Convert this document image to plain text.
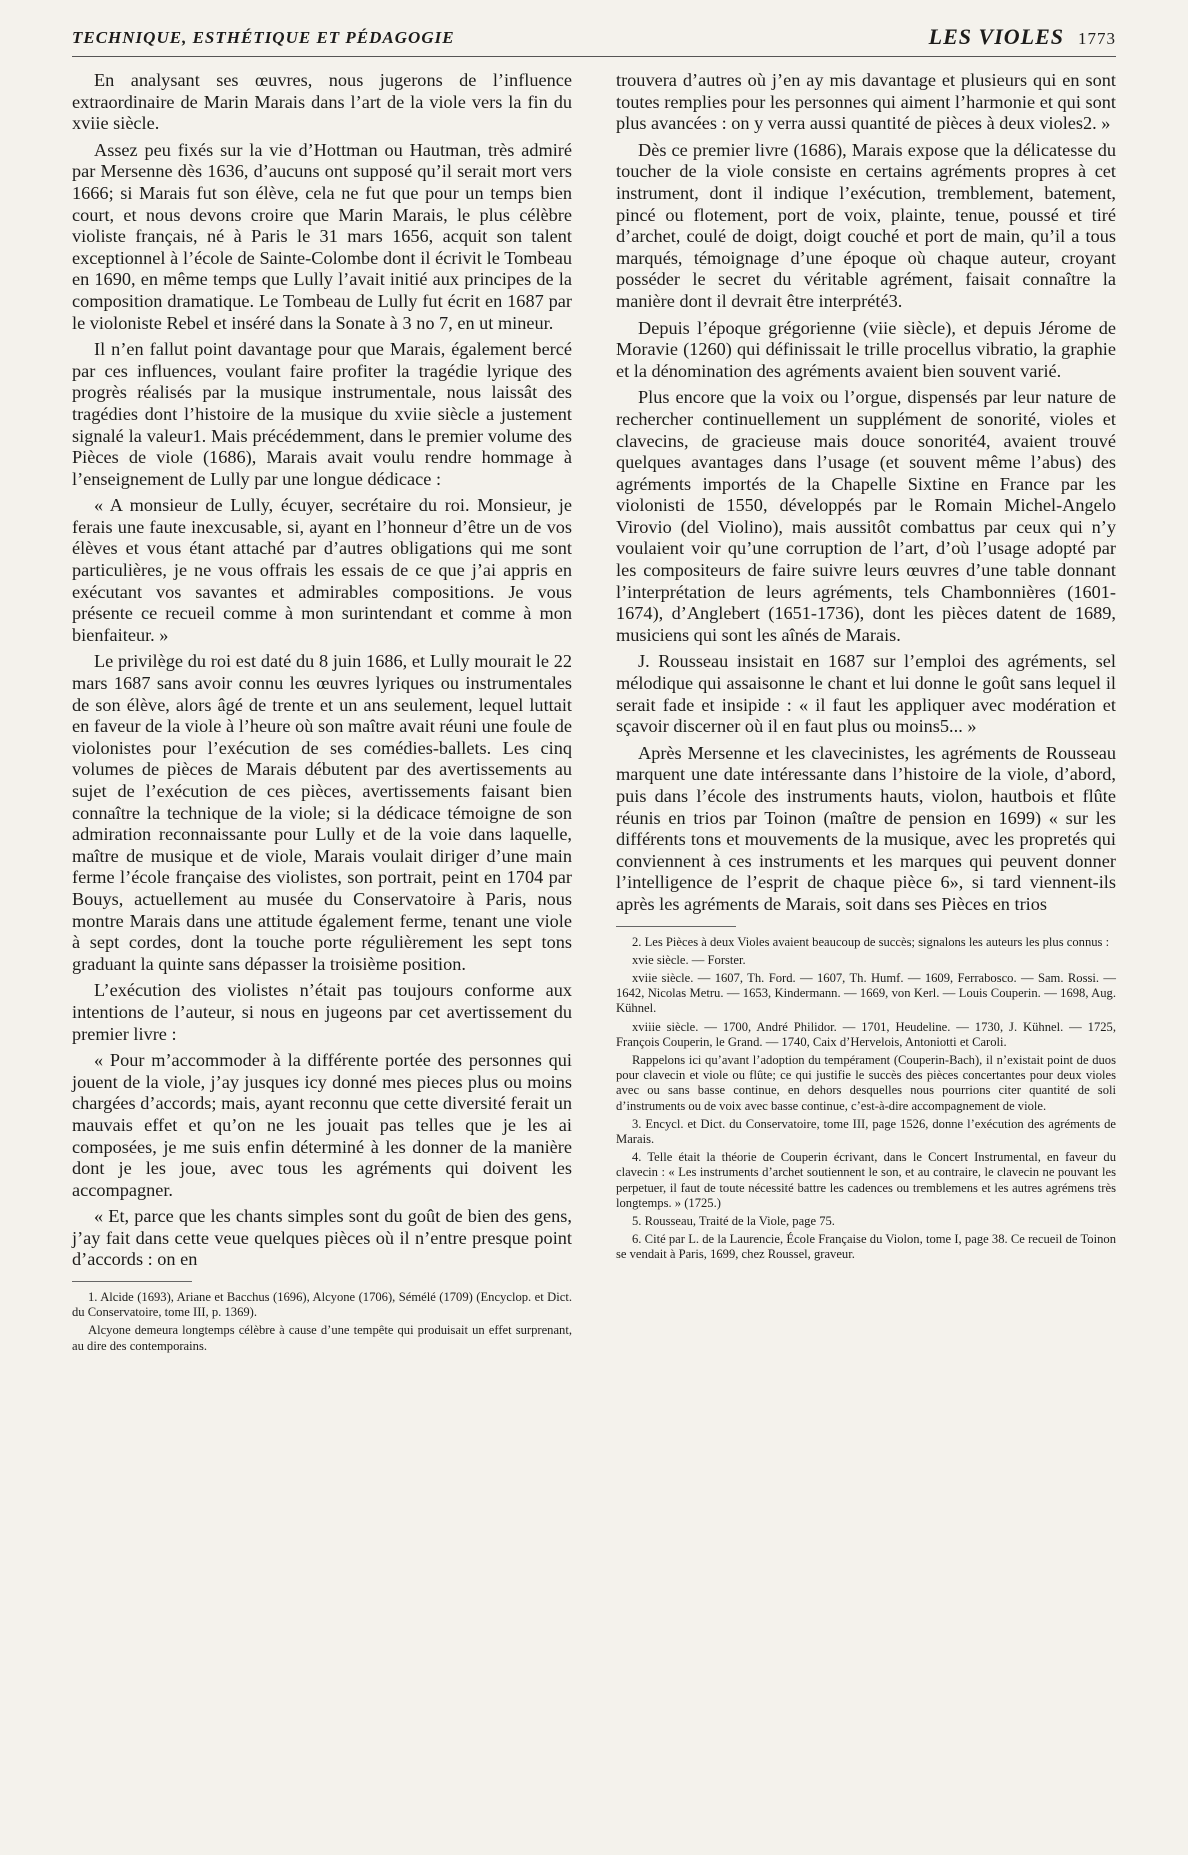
TECHNIQUE, ESTHÉTIQUE ET PÉDAGOGIE	LES VIOLES 1773

En analysant ses œuvres, nous jugerons de l’influence extraordinaire de Marin Marais dans l’art de la viole vers la fin du xviie siècle.

Assez peu fixés sur la vie d’Hottman ou Hautman, très admiré par Mersenne dès 1636, d’aucuns ont supposé qu’il serait mort vers 1666; si Marais fut son élève, cela ne fut que pour un temps bien court, et nous devons croire que Marin Marais, le plus célèbre violiste français, né à Paris le 31 mars 1656, acquit son talent exceptionnel à l’école de Sainte-Colombe dont il écrivit le Tombeau en 1690, en même temps que Lully l’avait initié aux principes de la composition dramatique. Le Tombeau de Lully fut écrit en 1687 par le violoniste Rebel et inséré dans la Sonate à 3 no 7, en ut mineur.

Il n’en fallut point davantage pour que Marais, également bercé par ces influences, voulant faire profiter la tragédie lyrique des progrès réalisés par la musique instrumentale, nous laissât des tragédies dont l’histoire de la musique du xviie siècle a justement signalé la valeur1. Mais précédemment, dans le premier volume des Pièces de viole (1686), Marais avait voulu rendre hommage à l’enseignement de Lully par une longue dédicace :

« A monsieur de Lully, écuyer, secrétaire du roi. Monsieur, je ferais une faute inexcusable, si, ayant en l’honneur d’être un de vos élèves et vous étant attaché par d’autres obligations qui me sont particulières, je ne vous offrais les essais de ce que j’ai appris en exécutant vos savantes et admirables compositions. Je vous présente ce recueil comme à mon surintendant et comme à mon bienfaiteur. »

Le privilège du roi est daté du 8 juin 1686, et Lully mourait le 22 mars 1687 sans avoir connu les œuvres lyriques ou instrumentales de son élève, alors âgé de trente et un ans seulement, lequel luttait en faveur de la viole à l’heure où son maître avait réuni une foule de violonistes pour l’exécution de ses comédies-ballets. Les cinq volumes de pièces de Marais débutent par des avertissements au sujet de l’exécution de ces pièces, avertissements faisant bien connaître la technique de la viole; si la dédicace témoigne de son admiration reconnaissante pour Lully et de la voie dans laquelle, maître de musique et de viole, Marais voulait diriger d’une main ferme l’école française des violistes, son portrait, peint en 1704 par Bouys, actuellement au musée du Conservatoire à Paris, nous montre Marais dans une attitude également ferme, tenant une viole à sept cordes, dont la touche porte régulièrement les sept tons graduant la quinte sans dépasser la troisième position.

L’exécution des violistes n’était pas toujours conforme aux intentions de l’auteur, si nous en jugeons par cet avertissement du premier livre :

« Pour m’accommoder à la différente portée des personnes qui jouent de la viole, j’ay jusques icy donné mes pieces plus ou moins chargées d’accords; mais, ayant reconnu que cette diversité ferait un mauvais effet et qu’on ne les jouait pas telles que je les ai composées, je me suis enfin déterminé à les donner de la manière dont je les joue, avec tous les agréments qui doivent les accompagner.

« Et, parce que les chants simples sont du goût de bien des gens, j’ay fait dans cette veue quelques pièces où il n’entre presque point d’accords : on en

1. Alcide (1693), Ariane et Bacchus (1696), Alcyone (1706), Sémélé (1709) (Encyclop. et Dict. du Conservatoire, tome III, p. 1369).

Alcyone demeura longtemps célèbre à cause d’une tempête qui produisait un effet surprenant, au dire des contemporains.

trouvera d’autres où j’en ay mis davantage et plusieurs qui en sont toutes remplies pour les personnes qui aiment l’harmonie et qui sont plus avancées : on y verra aussi quantité de pièces à deux violes2. »

Dès ce premier livre (1686), Marais expose que la délicatesse du toucher de la viole consiste en certains agréments propres à cet instrument, dont il indique l’exécution, tremblement, batement, pincé ou flotement, port de voix, plainte, tenue, poussé et tiré d’archet, coulé de doigt, doigt couché et port de main, qu’il a tous marqués, témoignage d’une époque où chaque auteur, croyant posséder le secret du véritable agrément, faisait connaître la manière dont il devrait être interprété3.

Depuis l’époque grégorienne (viie siècle), et depuis Jérome de Moravie (1260) qui définissait le trille procellus vibratio, la graphie et la dénomination des agréments avaient bien souvent varié.

Plus encore que la voix ou l’orgue, dispensés par leur nature de rechercher continuellement un supplément de sonorité, violes et clavecins, de gracieuse mais douce sonorité4, avaient trouvé quelques avantages dans l’usage (et souvent même l’abus) des agréments importés de la Chapelle Sixtine en France par les violonisti de 1550, développés par le Romain Michel-Angelo Virovio (del Violino), mais aussitôt combattus par ceux qui n’y voulaient voir qu’une corruption de l’art, d’où l’usage adopté par les compositeurs de faire suivre leurs œuvres d’une table donnant l’interprétation de leurs agréments, tels Chambonnières (1601-1674), d’Anglebert (1651-1736), dont les pièces datent de 1689, musiciens qui sont les aînés de Marais.

J. Rousseau insistait en 1687 sur l’emploi des agréments, sel mélodique qui assaisonne le chant et lui donne le goût sans lequel il serait fade et insipide : « il faut les appliquer avec modération et sçavoir discerner où il en faut plus ou moins5... »

Après Mersenne et les clavecinistes, les agréments de Rousseau marquent une date intéressante dans l’histoire de la viole, d’abord, puis dans l’école des instruments hauts, violon, hautbois et flûte réunis en trios par Toinon (maître de pension en 1699) « sur les différents tons et mouvements de la musique, avec les propretés qui conviennent à ces instruments et les marques qui peuvent donner l’intelligence de l’esprit de chaque pièce 6», si tard viennent-ils après les agréments de Marais, soit dans ses Pièces en trios

2. Les Pièces à deux Violes avaient beaucoup de succès; signalons les auteurs les plus connus :

xvie siècle. — Forster.

xviie siècle. — 1607, Th. Ford. — 1607, Th. Humf. — 1609, Ferrabosco. — Sam. Rossi. — 1642, Nicolas Metru. — 1653, Kindermann. — 1669, von Kerl. — Louis Couperin. — 1698, Aug. Kühnel.

xviiie siècle. — 1700, André Philidor. — 1701, Heudeline. — 1730, J. Kühnel. — 1725, François Couperin, le Grand. — 1740, Caix d’Hervelois, Antoniotti et Caroli.

Rappelons ici qu’avant l’adoption du tempérament (Couperin-Bach), il n’existait point de duos pour clavecin et viole ou flûte; ce qui justifie le succès des pièces concertantes pour deux violes avec ou sans basse continue, en dehors desquelles nous pourrions citer quantité de soli d’instruments ou de voix avec basse continue, c’est-à-dire accompagnement de viole.

3. Encycl. et Dict. du Conservatoire, tome III, page 1526, donne l’exécution des agréments de Marais.

4. Telle était la théorie de Couperin écrivant, dans le Concert Instrumental, en faveur du clavecin : « Les instruments d’archet soutiennent le son, et au contraire, le clavecin ne pouvant les perpetuer, il faut de toute nécessité battre les cadences ou tremblemens et les autres agrémens très longtemps. » (1725.)

5. Rousseau, Traité de la Viole, page 75.

6. Cité par L. de la Laurencie, École Française du Violon, tome I, page 38. Ce recueil de Toinon se vendait à Paris, 1699, chez Roussel, graveur.
